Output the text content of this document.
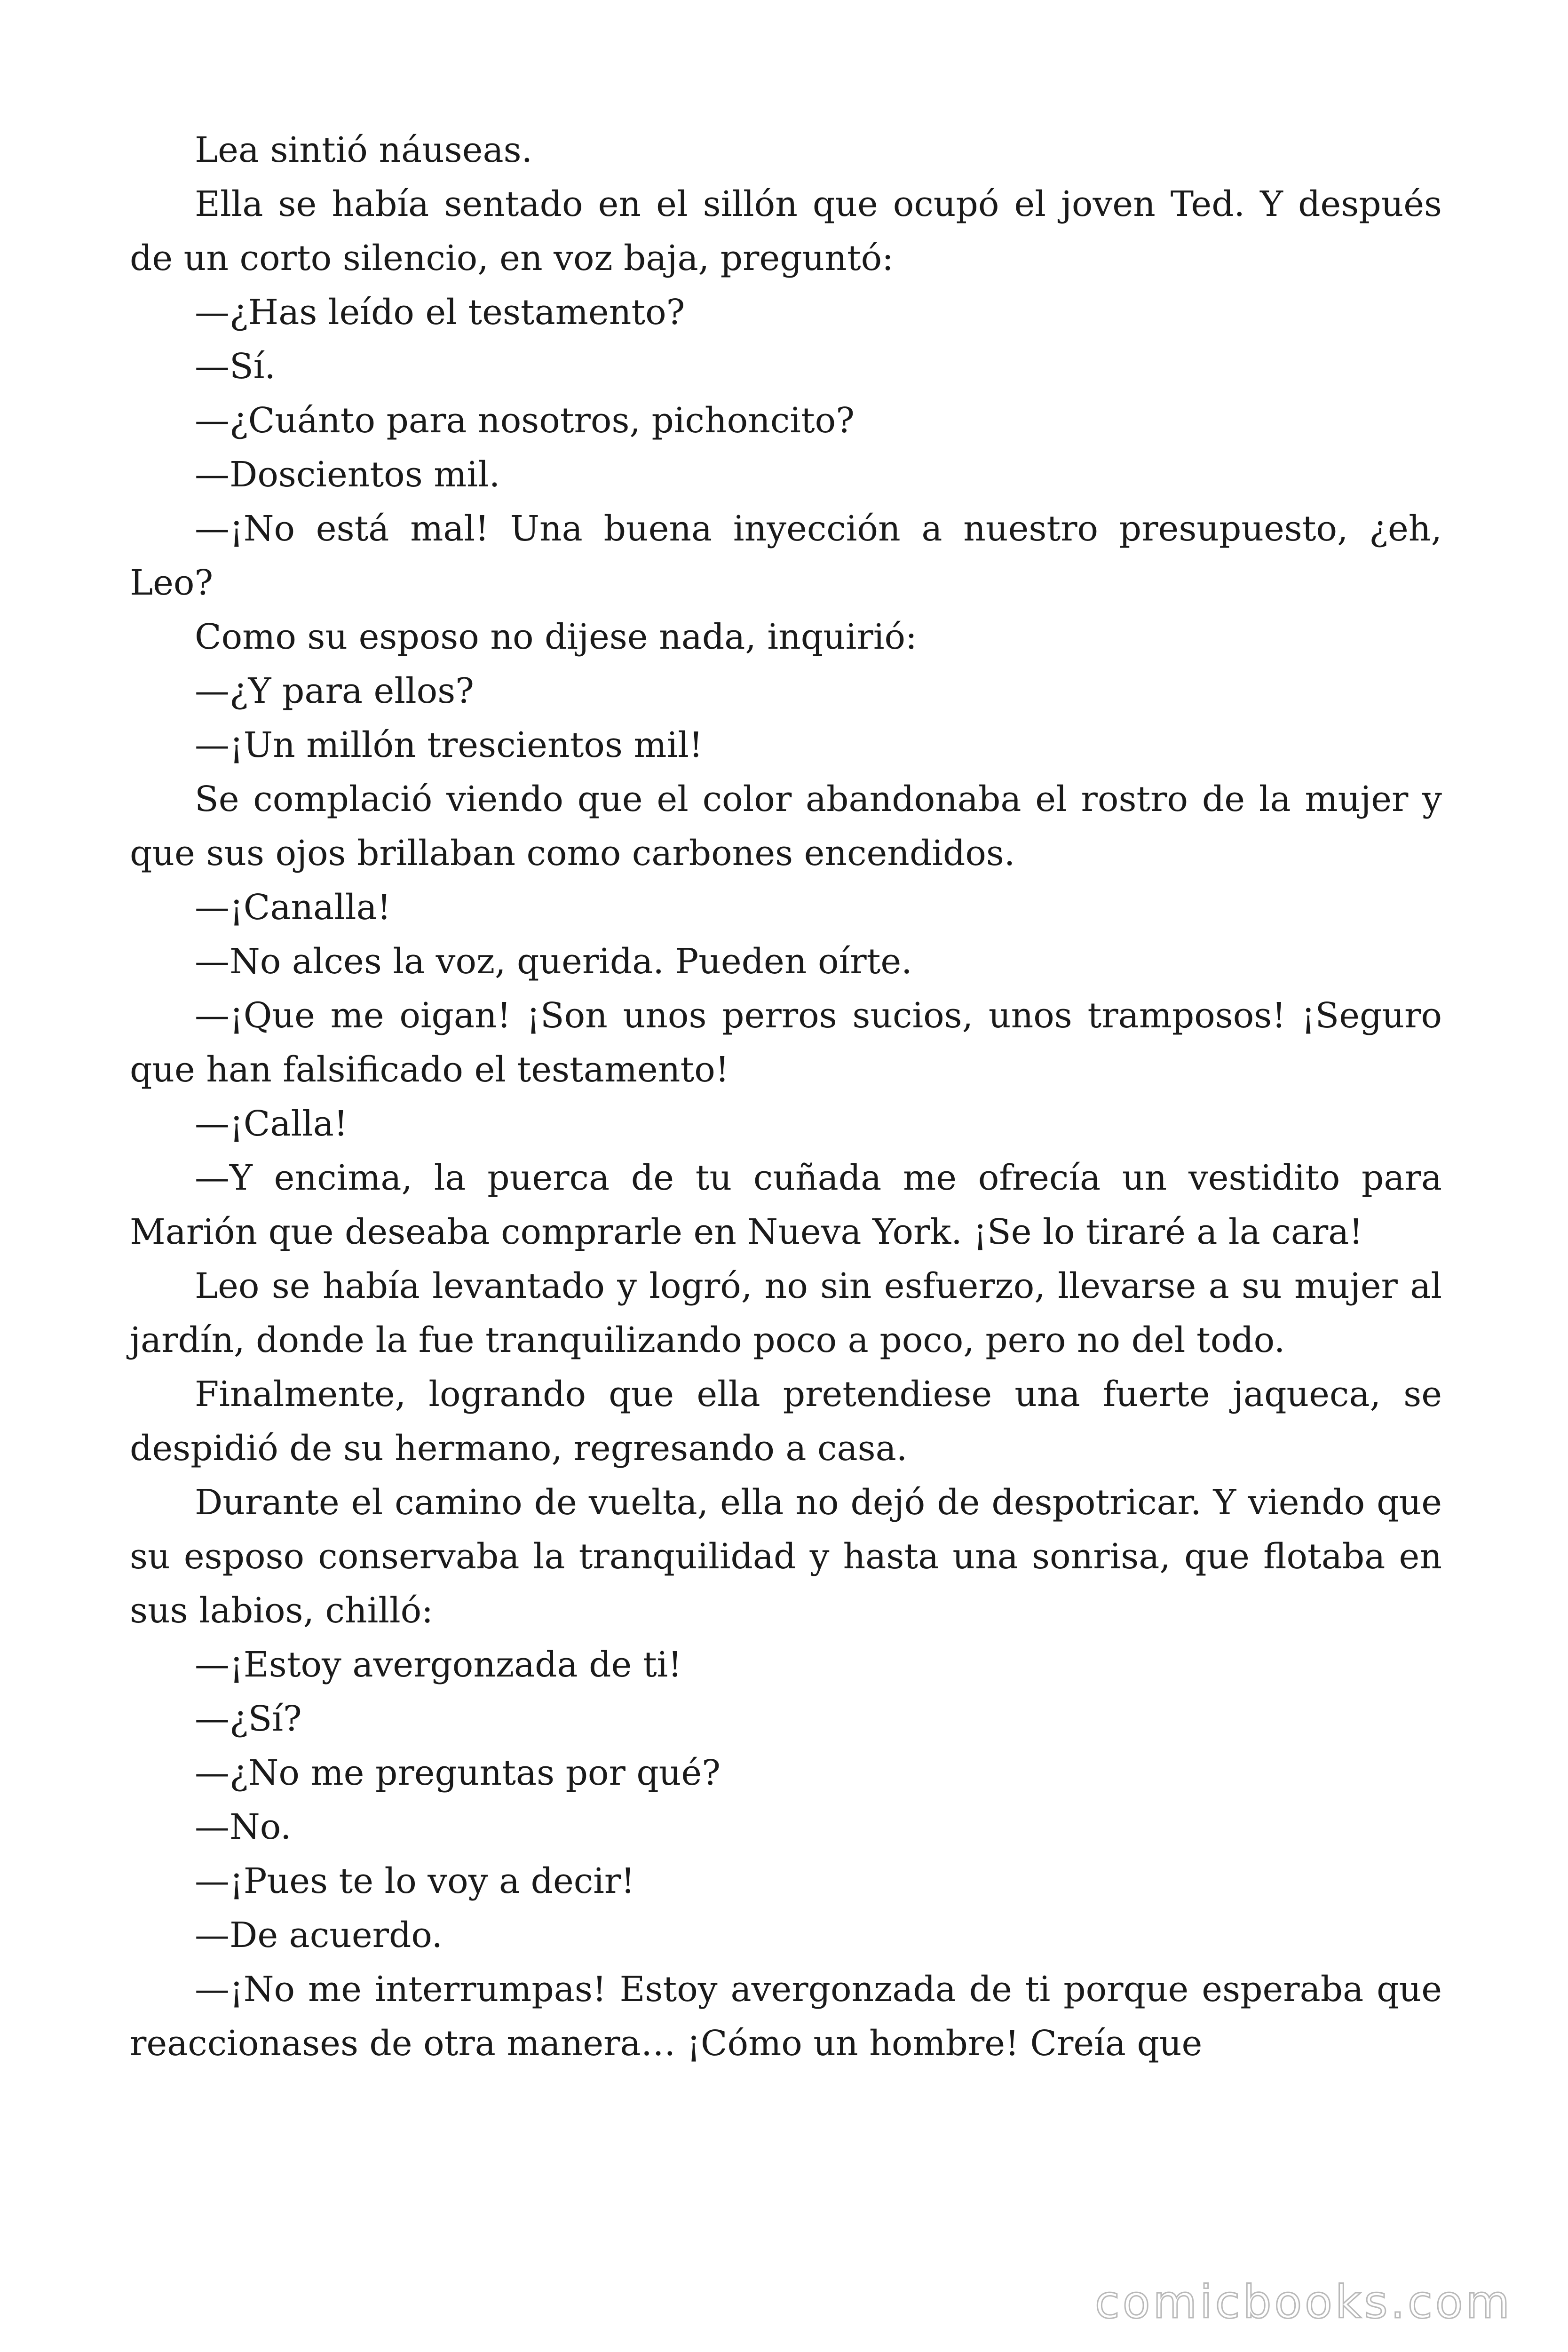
Lea sintió náuseas.

Ella se había sentado en el sillón que ocupó el joven Ted. Y después de un corto silencio, en voz baja, preguntó:

—¿Has leído el testamento?

—Sí.

—¿Cuánto para nosotros, pichoncito?

—Doscientos mil.

—¡No está mal! Una buena inyección a nuestro presupuesto, ¿eh, Leo?

Como su esposo no dijese nada, inquirió:

—¿Y para ellos?

—¡Un millón trescientos mil!

Se complació viendo que el color abandonaba el rostro de la mujer y que sus ojos brillaban como carbones encendidos.

—¡Canalla!

—No alces la voz, querida. Pueden oírte.

—¡Que me oigan! ¡Son unos perros sucios, unos tramposos! ¡Seguro que han falsificado el testamento!

—¡Calla!

—Y encima, la puerca de tu cuñada me ofrecía un vestidito para Marión que deseaba comprarle en Nueva York. ¡Se lo tiraré a la cara!

Leo se había levantado y logró, no sin esfuerzo, llevarse a su mujer al jardín, donde la fue tranquilizando poco a poco, pero no del todo.

Finalmente, logrando que ella pretendiese una fuerte jaqueca, se despidió de su hermano, regresando a casa.

Durante el camino de vuelta, ella no dejó de despotricar. Y viendo que su esposo conservaba la tranquilidad y hasta una sonrisa, que flotaba en sus labios, chilló:

—¡Estoy avergonzada de ti!

—¿Sí?

—¿No me preguntas por qué?

—No.

—¡Pues te lo voy a decir!

—De acuerdo.

—¡No me interrumpas! Estoy avergonzada de ti porque esperaba que reaccionases de otra manera… ¡Cómo un hombre! Creía que

comicbooks.com
